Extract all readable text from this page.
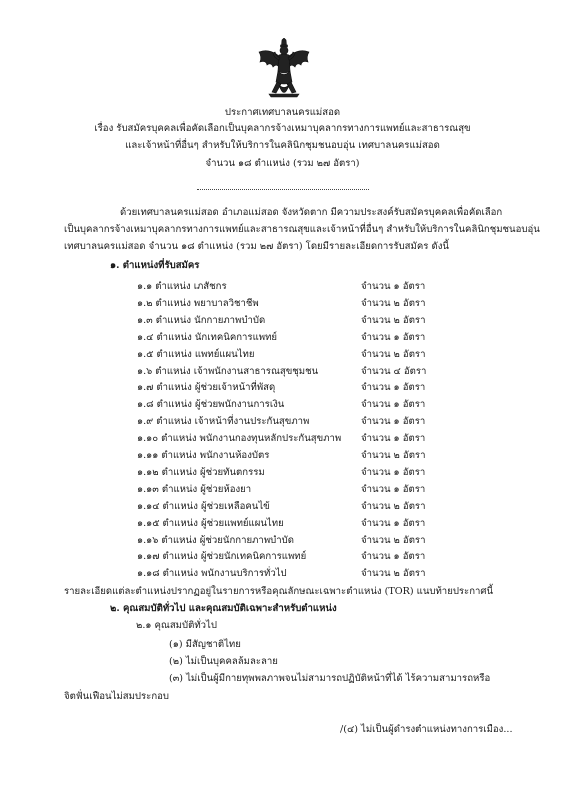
ประกาศเทศบาลนครแม่สอด
เรื่อง รับสมัครบุคคลเพื่อคัดเลือกเป็นบุคลากรจ้างเหมาบุคลากรทางการแพทย์และสาธารณสุข
และเจ้าหน้าที่อื่นๆ สำหรับให้บริการในคลินิกชุมชนอบอุ่น เทศบาลนครแม่สอด
จำนวน ๑๘ ตำแหน่ง (รวม ๒๗ อัตรา)
ด้วยเทศบาลนครแม่สอด อำเภอแม่สอด จังหวัดตาก มีความประสงค์รับสมัครบุคคลเพื่อคัดเลือก
เป็นบุคลากรจ้างเหมาบุคลากรทางการแพทย์และสาธารณสุขและเจ้าหน้าที่อื่นๆ สำหรับให้บริการในคลินิกชุมชนอบอุ่น
เทศบาลนครแม่สอด จำนวน ๑๘ ตำแหน่ง (รวม ๒๗ อัตรา) โดยมีรายละเอียดการรับสมัคร ดังนี้
๑. ตำแหน่งที่รับสมัคร
๑.๑ ตำแหน่ง เภสัชกร	จำนวน ๑ อัตรา
๑.๒ ตำแหน่ง พยาบาลวิชาชีพ	จำนวน ๒ อัตรา
๑.๓ ตำแหน่ง นักกายภาพบำบัด	จำนวน ๒ อัตรา
๑.๔ ตำแหน่ง นักเทคนิคการแพทย์	จำนวน ๑ อัตรา
๑.๕ ตำแหน่ง แพทย์แผนไทย	จำนวน ๒ อัตรา
๑.๖ ตำแหน่ง เจ้าพนักงานสาธารณสุขชุมชน	จำนวน ๔ อัตรา
๑.๗ ตำแหน่ง ผู้ช่วยเจ้าหน้าที่พัสดุ	จำนวน ๑ อัตรา
๑.๘ ตำแหน่ง ผู้ช่วยพนักงานการเงิน	จำนวน ๑ อัตรา
๑.๙ ตำแหน่ง เจ้าหน้าที่งานประกันสุขภาพ	จำนวน ๑ อัตรา
๑.๑๐ ตำแหน่ง พนักงานกองทุนหลักประกันสุขภาพ จำนวน ๑ อัตรา
๑.๑๑ ตำแหน่ง พนักงานห้องบัตร	จำนวน ๒ อัตรา
๑.๑๒ ตำแหน่ง ผู้ช่วยทันตกรรม	จำนวน ๑ อัตรา
๑.๑๓ ตำแหน่ง ผู้ช่วยห้องยา	จำนวน ๑ อัตรา
๑.๑๔ ตำแหน่ง ผู้ช่วยเหลือคนไข้	จำนวน ๒ อัตรา
๑.๑๕ ตำแหน่ง ผู้ช่วยแพทย์แผนไทย	จำนวน ๑ อัตรา
๑.๑๖ ตำแหน่ง ผู้ช่วยนักกายภาพบำบัด	จำนวน ๒ อัตรา
๑.๑๗ ตำแหน่ง ผู้ช่วยนักเทคนิคการแพทย์	จำนวน ๑ อัตรา
๑.๑๘ ตำแหน่ง พนักงานบริการทั่วไป	จำนวน ๒ อัตรา
รายละเอียดแต่ละตำแหน่งปรากฏอยู่ในรายการหรือคุณลักษณะเฉพาะตำแหน่ง (TOR) แนบท้ายประกาศนี้
๒. คุณสมบัติทั่วไป และคุณสมบัติเฉพาะสำหรับตำแหน่ง
๒.๑ คุณสมบัติทั่วไป
(๑) มีสัญชาติไทย
(๒) ไม่เป็นบุคคลล้มละลาย
(๓) ไม่เป็นผู้มีกายทุพพลภาพจนไม่สามารถปฏิบัติหน้าที่ได้ ไร้ความสามารถหรือ
จิตฟั่นเฟือนไม่สมประกอบ
/(๔) ไม่เป็นผู้ดำรงตำแหน่งทางการเมือง...
